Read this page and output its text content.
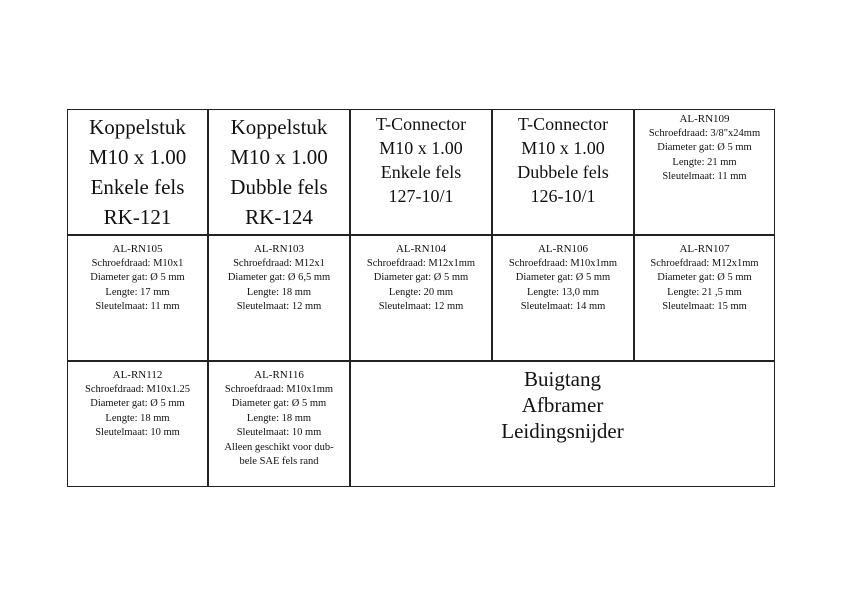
Koppelstuk
M10 x 1.00
Enkele fels
RK-121
Koppelstuk
M10 x 1.00
Dubble fels
RK-124
T-Connector
M10 x 1.00
Enkele fels
127-10/1
T-Connector
M10 x 1.00
Dubbele fels
126-10/1
AL-RN109
Schroefdraad: 3/8"x24mm
Diameter gat: Ø 5 mm
Lengte: 21 mm
Sleutelmaat: 11 mm
AL-RN105
Schroefdraad: M10x1
Diameter gat: Ø 5 mm
Lengte: 17 mm
Sleutelmaat: 11 mm
AL-RN103
Schroefdraad: M12x1
Diameter gat: Ø 6,5 mm
Lengte: 18 mm
Sleutelmaat: 12 mm
AL-RN104
Schroefdraad: M12x1mm
Diameter gat: Ø 5 mm
Lengte: 20 mm
Sleutelmaat: 12 mm
AL-RN106
Schroefdraad: M10x1mm
Diameter gat: Ø 5 mm
Lengte: 13,0 mm
Sleutelmaat: 14 mm
AL-RN107
Schroefdraad: M12x1mm
Diameter gat: Ø 5 mm
Lengte: 21 ,5 mm
Sleutelmaat: 15 mm
AL-RN112
Schroefdraad: M10x1.25
Diameter gat: Ø 5 mm
Lengte: 18 mm
Sleutelmaat: 10 mm
AL-RN116
Schroefdraad: M10x1mm
Diameter gat: Ø 5 mm
Lengte: 18 mm
Sleutelmaat: 10 mm
Alleen geschikt voor dub-bele SAE fels rand
Buigtang
Afbramer
Leidingsnijder
